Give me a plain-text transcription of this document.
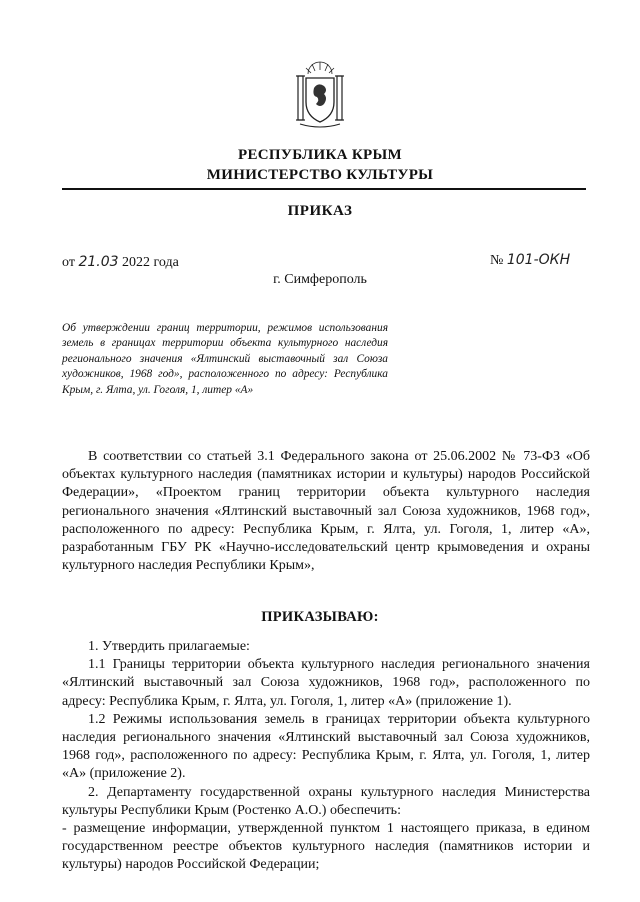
РЕСПУБЛИКА КРЫМ
МИНИСТЕРСТВО КУЛЬТУРЫ
ПРИКАЗ
от 21.03 2022 года	№ 101-ОКН
г. Симферополь
Об утверждении границ территории, режимов использования земель в границах территории объекта культурного наследия регионального значения «Ялтинский выставочный зал Союза художников, 1968 год», расположенного по адресу: Республика Крым, г. Ялта, ул. Гоголя, 1, литер «А»
В соответствии со статьей 3.1 Федерального закона от 25.06.2002 № 73-ФЗ «Об объектах культурного наследия (памятниках истории и культуры) народов Российской Федерации», «Проектом границ территории объекта культурного наследия регионального значения «Ялтинский выставочный зал Союза художников, 1968 год», расположенного по адресу: Республика Крым, г. Ялта, ул. Гоголя, 1, литер «А», разработанным ГБУ РК «Научно-исследовательский центр крымоведения и охраны культурного наследия Республики Крым»,
ПРИКАЗЫВАЮ:

1. Утвердить прилагаемые:

1.1 Границы территории объекта культурного наследия регионального значения «Ялтинский выставочный зал Союза художников, 1968 год», расположенного по адресу: Республика Крым, г. Ялта, ул. Гоголя, 1, литер «А» (приложение 1).

1.2 Режимы использования земель в границах территории объекта культурного наследия регионального значения «Ялтинский выставочный зал Союза художников, 1968 год», расположенного по адресу: Республика Крым, г. Ялта, ул. Гоголя, 1, литер «А» (приложение 2).

2. Департаменту государственной охраны культурного наследия Министерства культуры Республики Крым (Ростенко А.О.) обеспечить:

- размещение информации, утвержденной пунктом 1 настоящего приказа, в едином государственном реестре объектов культурного наследия (памятников истории и культуры) народов Российской Федерации;
